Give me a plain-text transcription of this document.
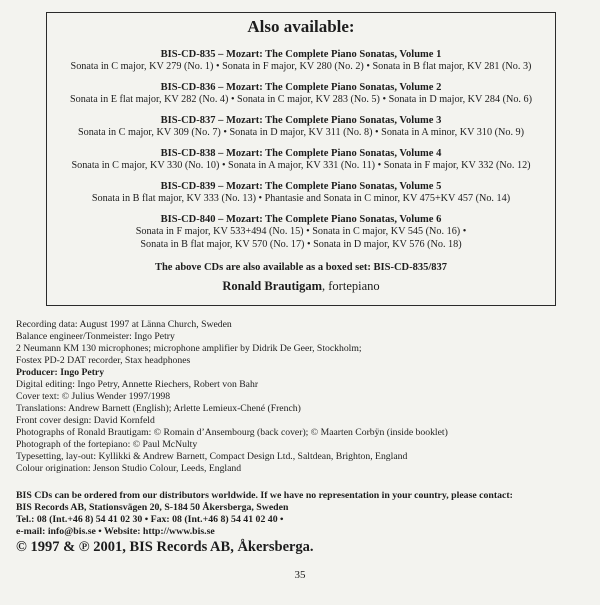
Also available:
BIS-CD-835 – Mozart: The Complete Piano Sonatas, Volume 1
Sonata in C major, KV 279 (No. 1) • Sonata in F major, KV 280 (No. 2) • Sonata in B flat major, KV 281 (No. 3)
BIS-CD-836 – Mozart: The Complete Piano Sonatas, Volume 2
Sonata in E flat major, KV 282 (No. 4) • Sonata in C major, KV 283 (No. 5) • Sonata in D major, KV 284 (No. 6)
BIS-CD-837 – Mozart: The Complete Piano Sonatas, Volume 3
Sonata in C major, KV 309 (No. 7) • Sonata in D major, KV 311 (No. 8) • Sonata in A minor, KV 310 (No. 9)
BIS-CD-838 – Mozart: The Complete Piano Sonatas, Volume 4
Sonata in C major, KV 330 (No. 10) • Sonata in A major, KV 331 (No. 11) • Sonata in F major, KV 332 (No. 12)
BIS-CD-839 – Mozart: The Complete Piano Sonatas, Volume 5
Sonata in B flat major, KV 333 (No. 13) • Phantasie and Sonata in C minor, KV 475+KV 457 (No. 14)
BIS-CD-840 – Mozart: The Complete Piano Sonatas, Volume 6
Sonata in F major, KV 533+494 (No. 15) • Sonata in C major, KV 545 (No. 16) •
Sonata in B flat major, KV 570 (No. 17) • Sonata in D major, KV 576 (No. 18)
The above CDs are also available as a boxed set: BIS-CD-835/837
Ronald Brautigam, fortepiano
Recording data: August 1997 at Länna Church, Sweden
Balance engineer/Tonmeister: Ingo Petry
2 Neumann KM 130 microphones; microphone amplifier by Didrik De Geer, Stockholm;
Fostex PD-2 DAT recorder, Stax headphones
Producer: Ingo Petry
Digital editing: Ingo Petry, Annette Riechers, Robert von Bahr
Cover text: © Julius Wender 1997/1998
Translations: Andrew Barnett (English); Arlette Lemieux-Chené (French)
Front cover design: David Kornfeld
Photographs of Ronald Brautigam: © Romain d’Ansembourg (back cover); © Maarten Corbÿn (inside booklet)
Photograph of the fortepiano: © Paul McNulty
Typesetting, lay-out: Kyllikki & Andrew Barnett, Compact Design Ltd., Saltdean, Brighton, England
Colour origination: Jenson Studio Colour, Leeds, England
BIS CDs can be ordered from our distributors worldwide. If we have no representation in your country, please contact:
BIS Records AB, Stationsvägen 20, S-184 50 Åkersberga, Sweden
Tel.: 08 (Int.+46 8) 54 41 02 30 • Fax: 08 (Int.+46 8) 54 41 02 40 •
e-mail: info@bis.se • Website: http://www.bis.se
© 1997 & ℗ 2001, BIS Records AB, Åkersberga.
35
